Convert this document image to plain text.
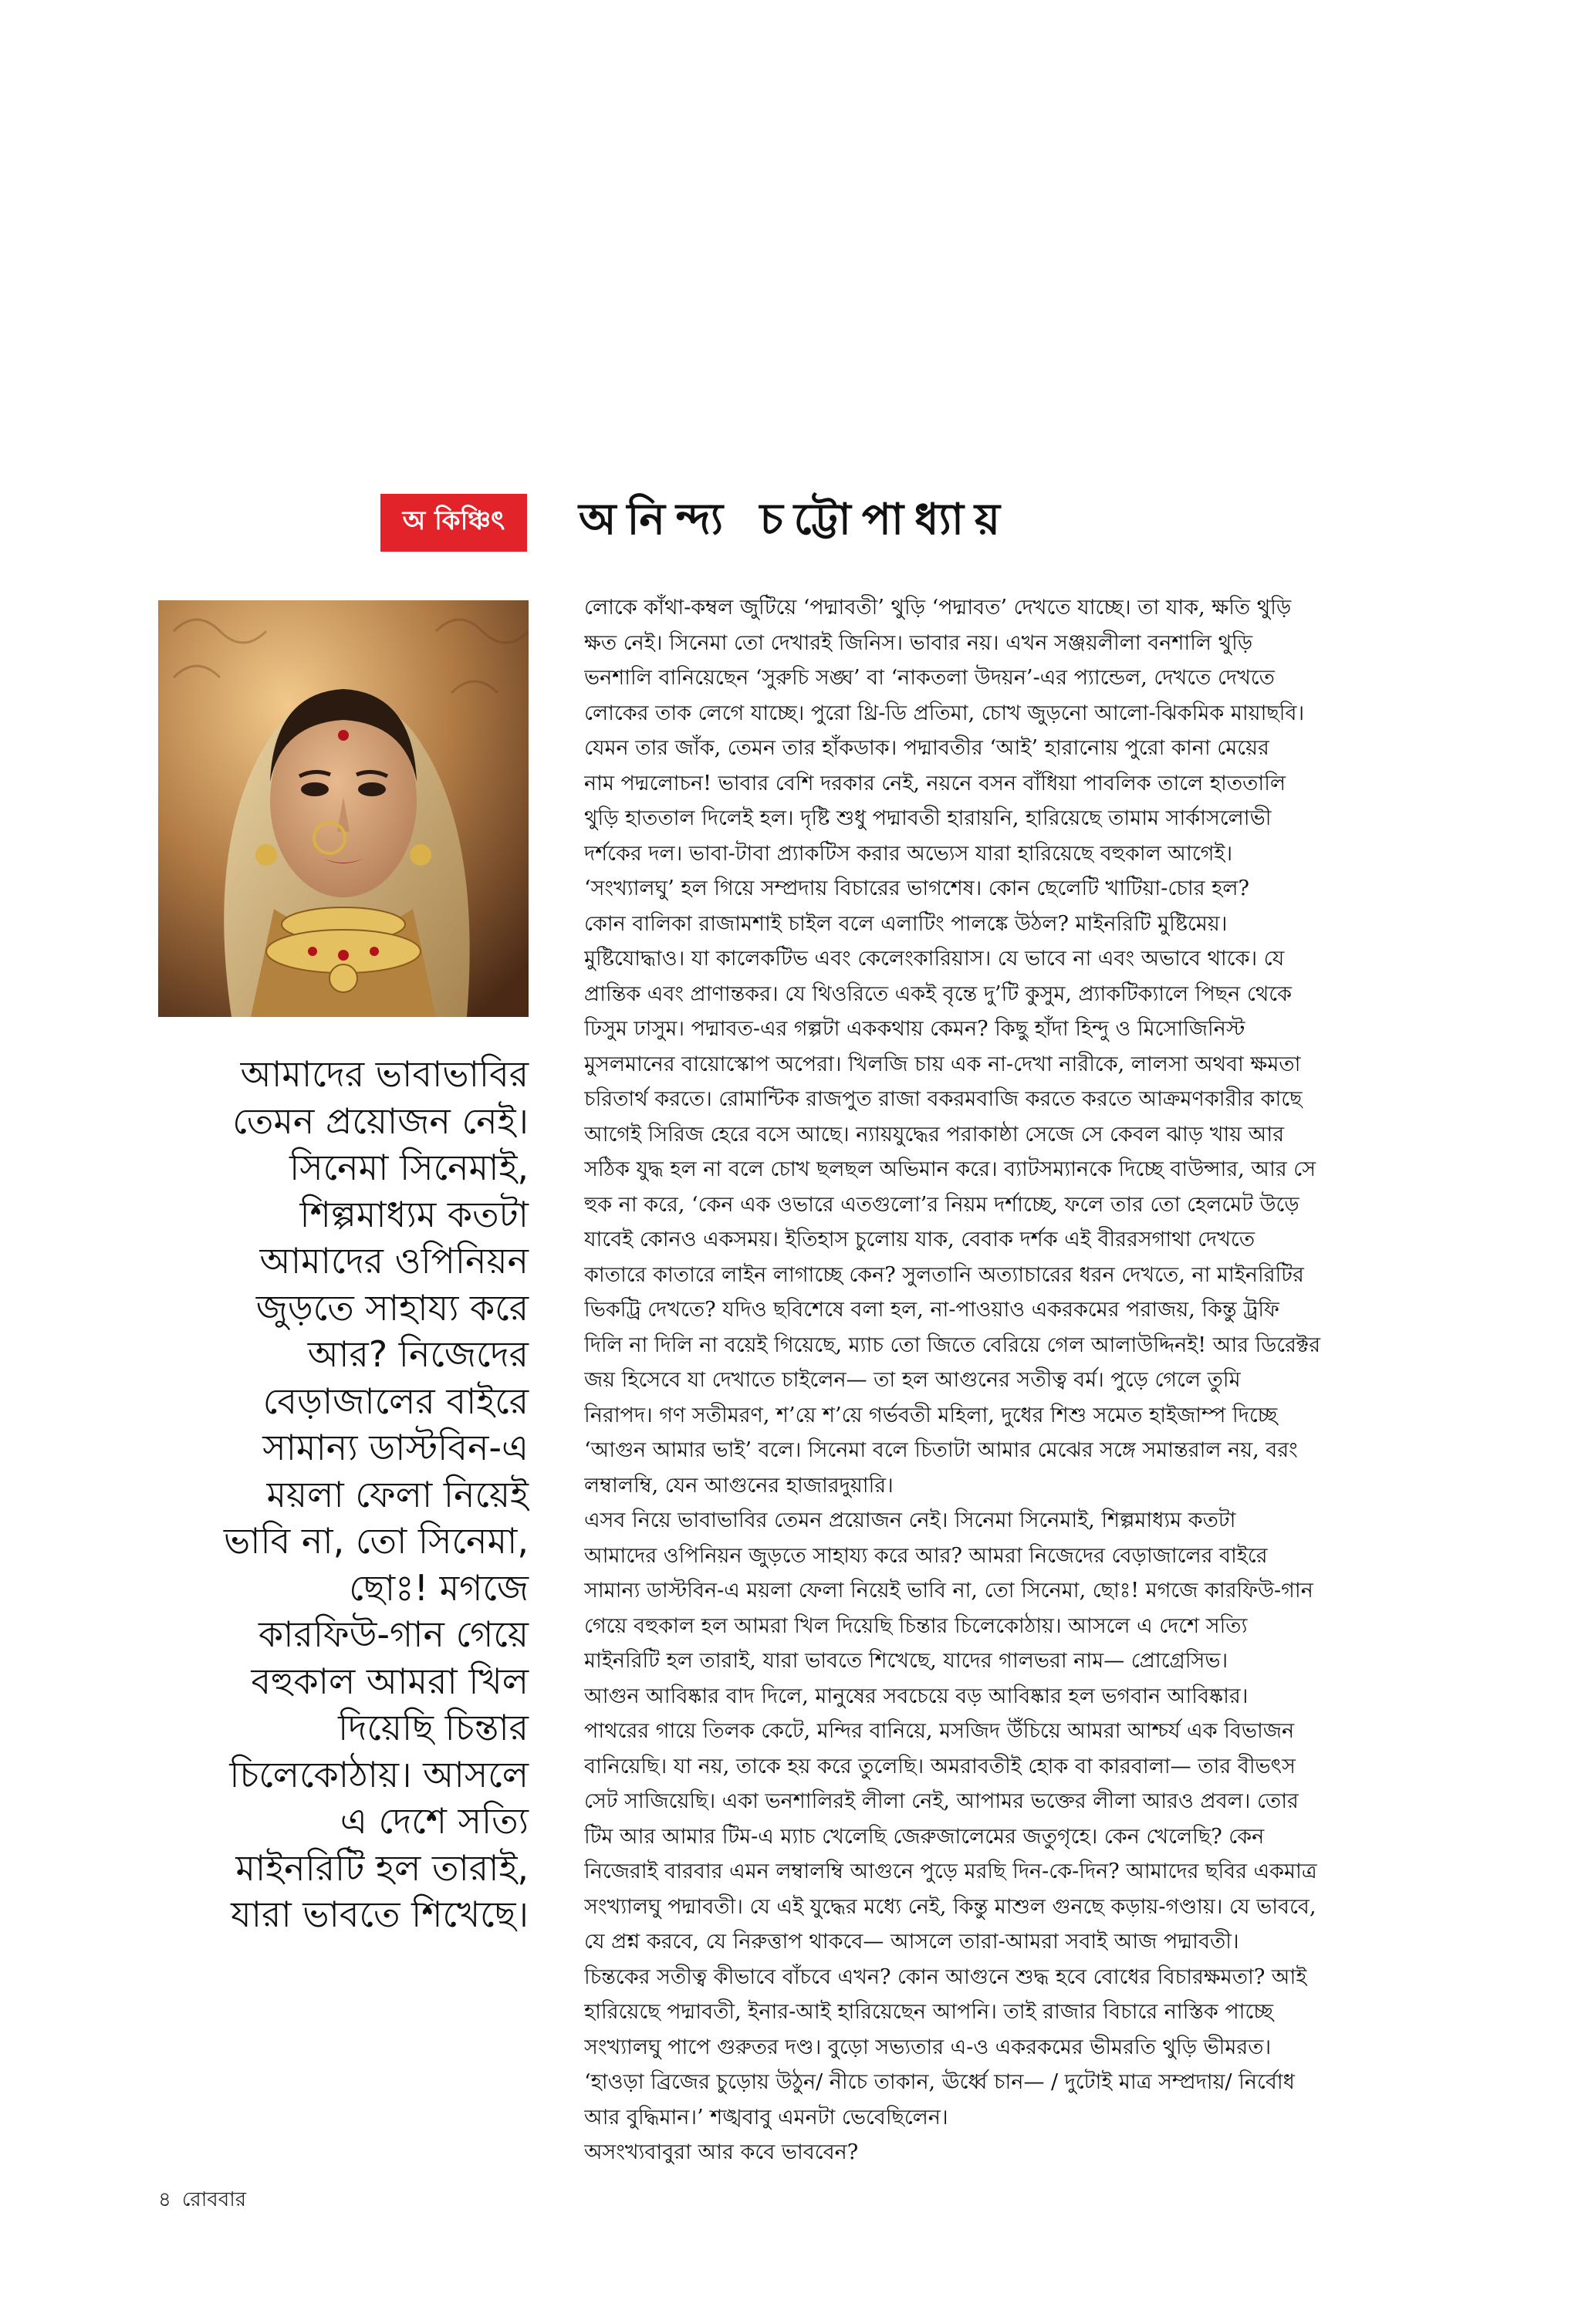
অ কিঞ্চিৎ	অনিন্দ্য চট্টোপাধ্যায়
আমাদের ভাবাভাবির
তেমন প্রয়োজন নেই।
সিনেমা সিনেমাই,
শিল্পমাধ্যম কতটা
আমাদের ওপিনিয়ন
জুড়তে সাহায্য করে
আর? নিজেদের
বেড়াজালের বাইরে
সামান্য ডাস্টবিন-এ
ময়লা ফেলা নিয়েই
ভাবি না, তো সিনেমা,
ছোঃ! মগজে
কারফিউ-গান গেয়ে
বহুকাল আমরা খিল
দিয়েছি চিন্তার
চিলেকোঠায়। আসলে
এ দেশে সত্যি
মাইনরিটি হল তারাই,
যারা ভাবতে শিখেছে।
লোকে কাঁথা-কম্বল জুটিয়ে ‘পদ্মাবতী’ থুড়ি ‘পদ্মাবত’ দেখতে যাচ্ছে। তা যাক, ক্ষতি থুড়ি
ক্ষত নেই। সিনেমা তো দেখারই জিনিস। ভাবার নয়। এখন সঞ্জয়লীলা বনশালি থুড়ি
ভনশালি বানিয়েছেন ‘সুরুচি সঙ্ঘ’ বা ‘নাকতলা উদয়ন’-এর প্যান্ডেল, দেখতে দেখতে
লোকের তাক লেগে যাচ্ছে। পুরো থ্রি-ডি প্রতিমা, চোখ জুড়নো আলো-ঝিকমিক মায়াছবি।
যেমন তার জাঁক, তেমন তার হাঁকডাক। পদ্মাবতীর ‘আই’ হারানোয় পুরো কানা মেয়ের
নাম পদ্মলোচন! ভাবার বেশি দরকার নেই, নয়নে বসন বাঁধিয়া পাবলিক তালে হাততালি
থুড়ি হাততাল দিলেই হল। দৃষ্টি শুধু পদ্মাবতী হারায়নি, হারিয়েছে তামাম সার্কাসলোভী
দর্শকের দল। ভাবা-টাবা প্র্যাকটিস করার অভ্যেস যারা হারিয়েছে বহুকাল আগেই।
‘সংখ্যালঘু’ হল গিয়ে সম্প্রদায় বিচারের ভাগশেষ। কোন ছেলেটি খাটিয়া-চোর হল?
কোন বালিকা রাজামশাই চাইল বলে এলাটিং পালঙ্কে উঠল? মাইনরিটি মুষ্টিমেয়।
মুষ্টিযোদ্ধাও। যা কালেকটিভ এবং কেলেংকারিয়াস। যে ভাবে না এবং অভাবে থাকে। যে
প্রান্তিক এবং প্রাণান্তকর। যে থিওরিতে একই বৃন্তে দু’টি কুসুম, প্র্যাকটিক্যালে পিছন থেকে
ঢিসুম ঢাসুম। পদ্মাবত-এর গল্পটা এককথায় কেমন? কিছু হাঁদা হিন্দু ও মিসোজিনিস্ট
মুসলমানের বায়োস্কোপ অপেরা। খিলজি চায় এক না-দেখা নারীকে, লালসা অথবা ক্ষমতা
চরিতার্থ করতে। রোমান্টিক রাজপুত রাজা বকরমবাজি করতে করতে আক্রমণকারীর কাছে
আগেই সিরিজ হেরে বসে আছে। ন্যায়যুদ্ধের পরাকাষ্ঠা সেজে সে কেবল ঝাড় খায় আর
সঠিক যুদ্ধ হল না বলে চোখ ছলছল অভিমান করে। ব্যাটসম্যানকে দিচ্ছে বাউন্সার, আর সে
হুক না করে, ‘কেন এক ওভারে এতগুলো’র নিয়ম দর্শাচ্ছে, ফলে তার তো হেলমেট উড়ে
যাবেই কোনও একসময়। ইতিহাস চুলোয় যাক, বেবাক দর্শক এই বীররসগাথা দেখতে
কাতারে কাতারে লাইন লাগাচ্ছে কেন? সুলতানি অত্যাচারের ধরন দেখতে, না মাইনরিটির
ভিকট্রি দেখতে? যদিও ছবিশেষে বলা হল, না-পাওয়াও একরকমের পরাজয়, কিন্তু ট্রফি
দিলি না দিলি না বয়েই গিয়েছে, ম্যাচ তো জিতে বেরিয়ে গেল আলাউদ্দিনই! আর ডিরেক্টর
জয় হিসেবে যা দেখাতে চাইলেন— তা হল আগুনের সতীত্ব বর্ম। পুড়ে গেলে তুমি
নিরাপদ। গণ সতীমরণ, শ’য়ে শ’য়ে গর্ভবতী মহিলা, দুধের শিশু সমেত হাইজাম্প দিচ্ছে
‘আগুন আমার ভাই’ বলে। সিনেমা বলে চিতাটা আমার মেঝের সঙ্গে সমান্তরাল নয়, বরং
লম্বালম্বি, যেন আগুনের হাজারদুয়ারি।
এসব নিয়ে ভাবাভাবির তেমন প্রয়োজন নেই। সিনেমা সিনেমাই, শিল্পমাধ্যম কতটা
আমাদের ওপিনিয়ন জুড়তে সাহায্য করে আর? আমরা নিজেদের বেড়াজালের বাইরে
সামান্য ডাস্টবিন-এ ময়লা ফেলা নিয়েই ভাবি না, তো সিনেমা, ছোঃ! মগজে কারফিউ-গান
গেয়ে বহুকাল হল আমরা খিল দিয়েছি চিন্তার চিলেকোঠায়। আসলে এ দেশে সত্যি
মাইনরিটি হল তারাই, যারা ভাবতে শিখেছে, যাদের গালভরা নাম— প্রোগ্রেসিভ।
আগুন আবিষ্কার বাদ দিলে, মানুষের সবচেয়ে বড় আবিষ্কার হল ভগবান আবিষ্কার।
পাথরের গায়ে তিলক কেটে, মন্দির বানিয়ে, মসজিদ উঁচিয়ে আমরা আশ্চর্য এক বিভাজন
বানিয়েছি। যা নয়, তাকে হয় করে তুলেছি। অমরাবতীই হোক বা কারবালা— তার বীভৎস
সেট সাজিয়েছি। একা ভনশালিরই লীলা নেই, আপামর ভক্তের লীলা আরও প্রবল। তোর
টিম আর আমার টিম-এ ম্যাচ খেলেছি জেরুজালেমের জতুগৃহে। কেন খেলেছি? কেন
নিজেরাই বারবার এমন লম্বালম্বি আগুনে পুড়ে মরছি দিন-কে-দিন? আমাদের ছবির একমাত্র
সংখ্যালঘু পদ্মাবতী। যে এই যুদ্ধের মধ্যে নেই, কিন্তু মাশুল গুনছে কড়ায়-গণ্ডায়। যে ভাববে,
যে প্রশ্ন করবে, যে নিরুত্তাপ থাকবে— আসলে তারা-আমরা সবাই আজ পদ্মাবতী।
চিন্তকের সতীত্ব কীভাবে বাঁচবে এখন? কোন আগুনে শুদ্ধ হবে বোধের বিচারক্ষমতা? আই
হারিয়েছে পদ্মাবতী, ইনার-আই হারিয়েছেন আপনি। তাই রাজার বিচারে নাস্তিক পাচ্ছে
সংখ্যালঘু পাপে গুরুতর দণ্ড। বুড়ো সভ্যতার এ-ও একরকমের ভীমরতি থুড়ি ভীমরত।
‘হাওড়া ব্রিজের চুড়োয় উঠুন/ নীচে তাকান, ঊর্ধ্বে চান— / দুটোই মাত্র সম্প্রদায়/ নির্বোধ
আর বুদ্ধিমান।’ শঙ্খবাবু এমনটা ভেবেছিলেন।
অসংখ্যবাবুরা আর কবে ভাববেন?
৪ রোববার
